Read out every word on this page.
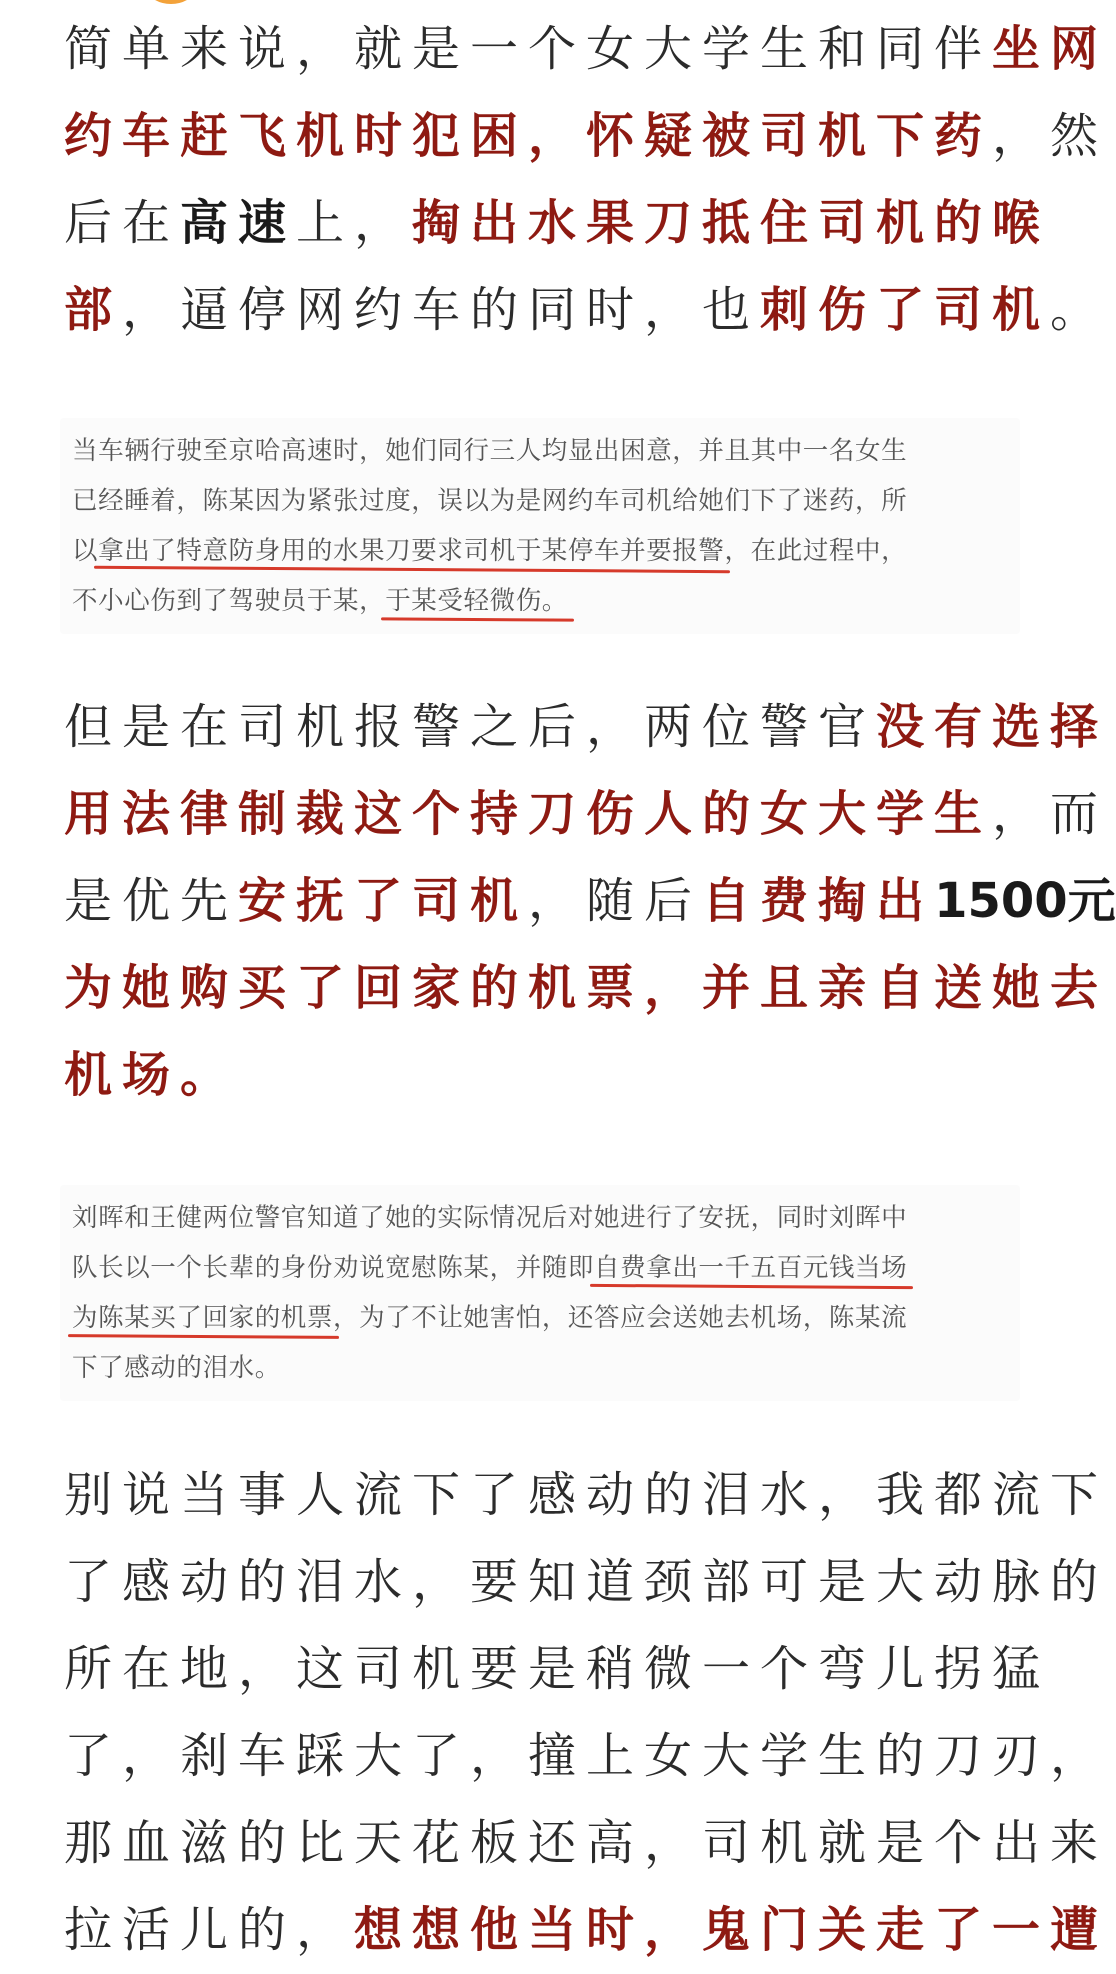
简单来说，就是一个女大学生和同伴坐网
约车赶飞机时犯困，怀疑被司机下药，然
后在高速上，掏出水果刀抵住司机的喉
部，逼停网约车的同时，也刺伤了司机。
当车辆行驶至京哈高速时，她们同行三人均显出困意，并且其中一名女生
已经睡着，陈某因为紧张过度，误以为是网约车司机给她们下了迷药，所
以拿出了特意防身用的水果刀要求司机于某停车并要报警，在此过程中，
不小心伤到了驾驶员于某，于某受轻微伤。
但是在司机报警之后，两位警官没有选择
用法律制裁这个持刀伤人的女大学生，而
是优先安抚了司机，随后自费掏出1500元
为她购买了回家的机票，并且亲自送她去
机场。
刘晖和王健两位警官知道了她的实际情况后对她进行了安抚，同时刘晖中
队长以一个长辈的身份劝说宽慰陈某，并随即自费拿出一千五百元钱当场
为陈某买了回家的机票，为了不让她害怕，还答应会送她去机场，陈某流
下了感动的泪水。
别说当事人流下了感动的泪水，我都流下
了感动的泪水，要知道颈部可是大动脉的
所在地，这司机要是稍微一个弯儿拐猛
了，刹车踩大了，撞上女大学生的刀刃，
那血滋的比天花板还高，司机就是个出来
拉活儿的，想想他当时，鬼门关走了一遭
